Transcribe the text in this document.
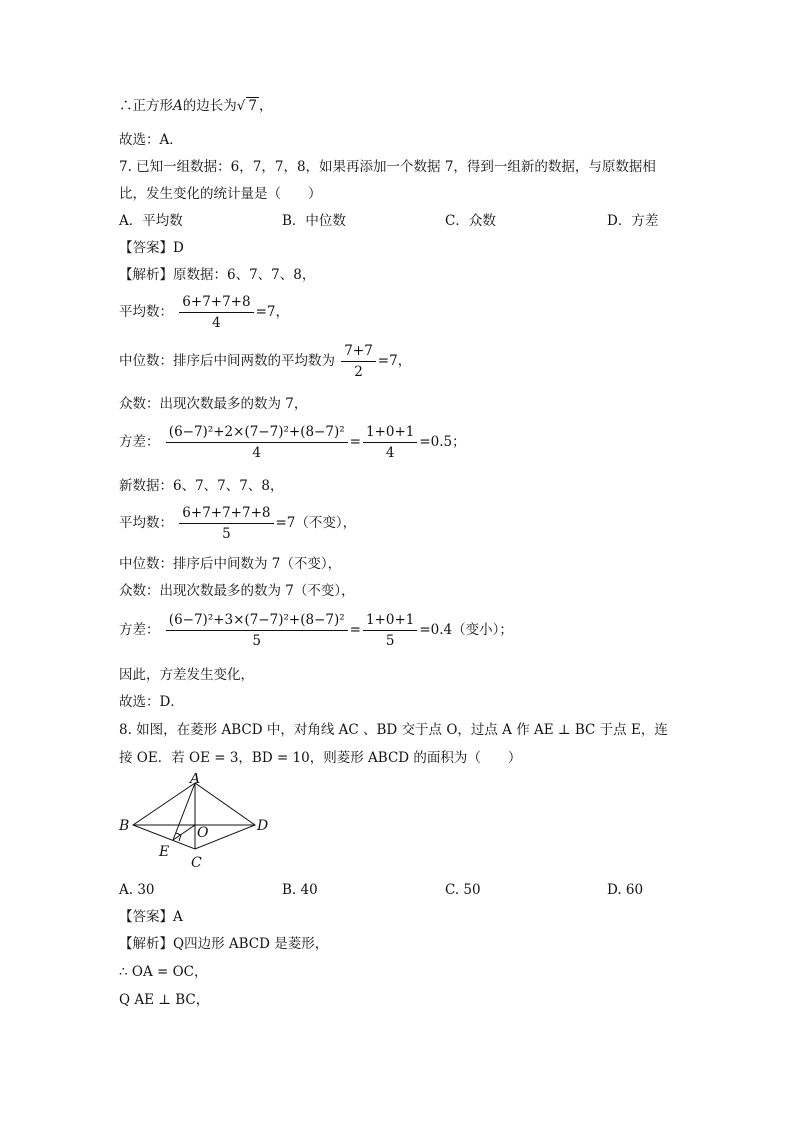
∴正方形A的边长为√ 7 ，
故选：A．
7. 已知一组数据：6，7，7，8，如果再添加一个数据 7，得到一组新的数据，与原数据相
比，发生变化的统计量是（　　）
A．平均数	B．中位数	C．众数	D．方差
【答案】D
【解析】原数据：6、7、7、8，
平均数： $\frac{6+7+7+8}{4} =7$，
中位数：排序后中间两数的平均数为 $\frac{7+7}{2} =7$，
众数：出现次数最多的数为 7，
方差： $\frac{\text{(6−7)²+2×(7−7)²+(8−7)²}}{4} = \frac{1+0+1}{4} =0.5$；
新数据：6、7、7、7、8，
平均数： $\frac{6+7+7+7+8}{5} =7$（不变），
中位数：排序后中间数为 7（不变），
众数：出现次数最多的数为 7（不变），
方差： $\frac{\text{(6−7)²+3×(7−7)²+(8−7)²}}{5} = \frac{1+0+1}{5} =0.4$（变小）；
因此，方差发生变化，
故选：D．
8. 如图，在菱形 ABCD 中，对角线 AC 、BD 交于点 O，过点 A 作 AE ⊥ BC 于点 E，连
接 OE．若 OE = 3，BD = 10，则菱形 ABCD 的面积为（　　）
A
B	D
O
E
C
A. 30	B. 40	C. 50	D. 60
【答案】A
【解析】Q四边形 ABCD 是菱形，
∴ OA = OC，
Q AE ⊥ BC，
